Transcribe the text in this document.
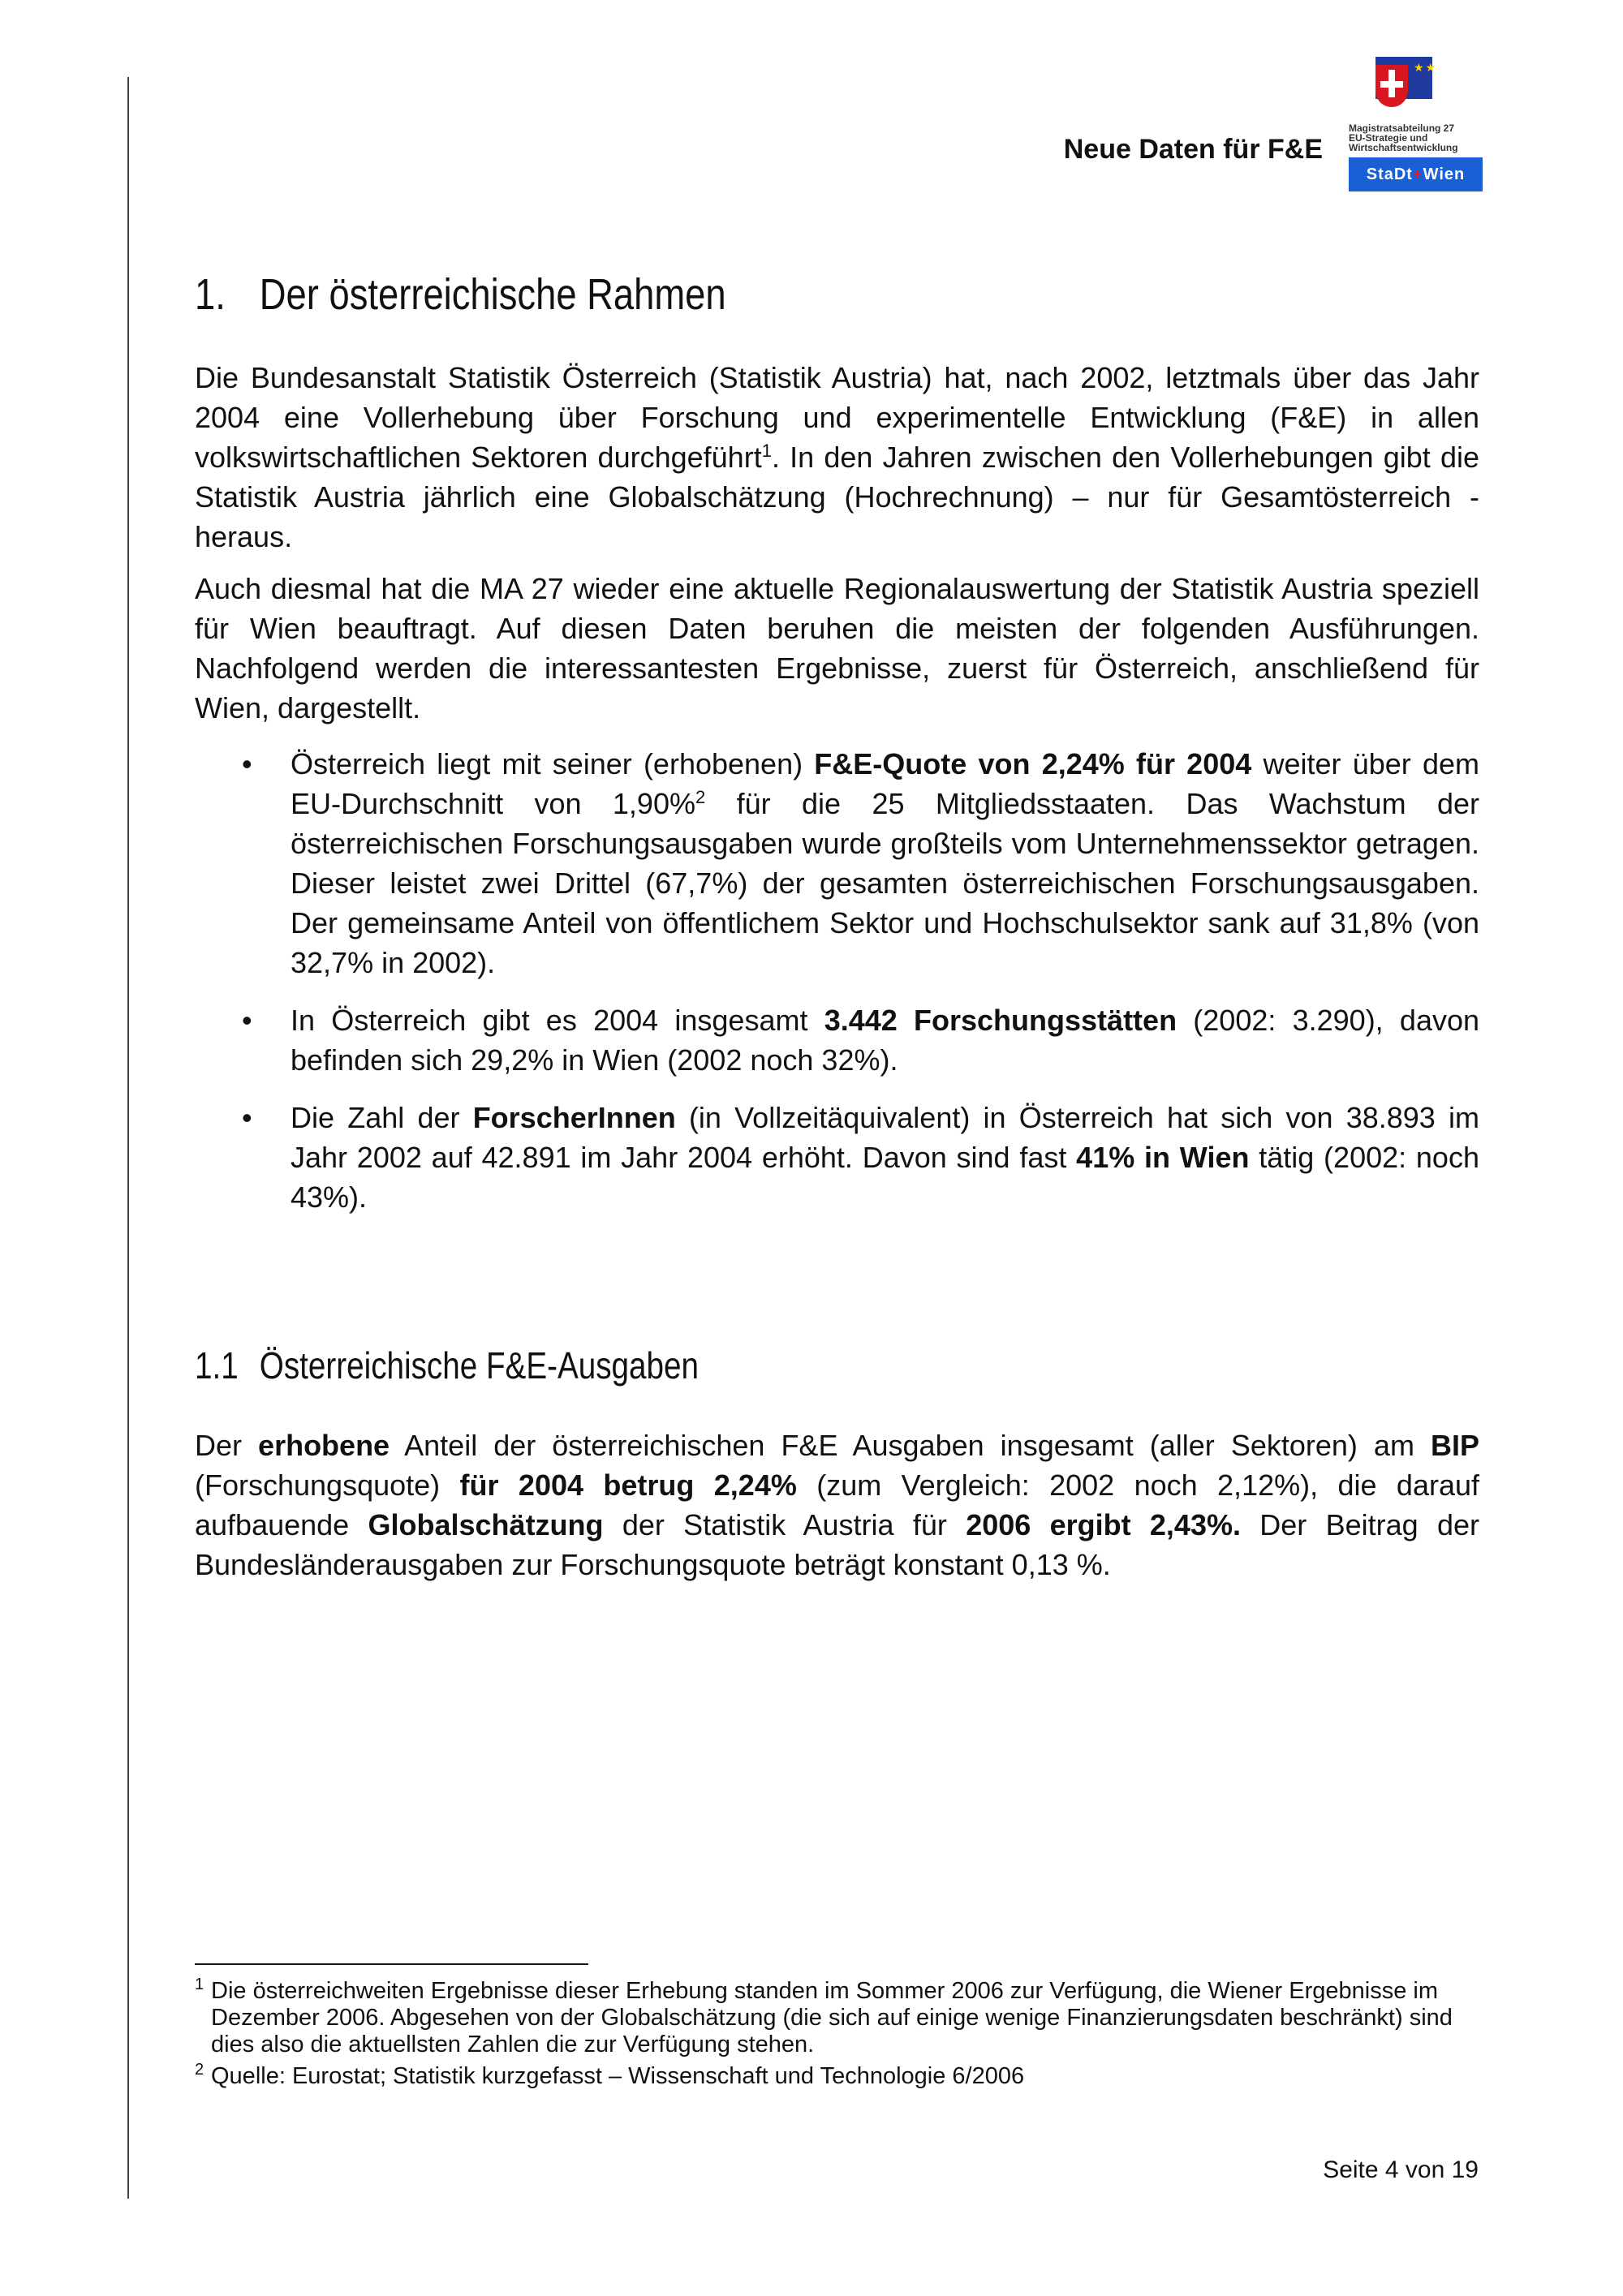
Neue Daten für F&E
★★
Magistratsabteilung 27
EU-Strategie und
Wirtschaftsentwicklung
StaDt+Wien
1. Der österreichische Rahmen

Die Bundesanstalt Statistik Österreich (Statistik Austria) hat, nach 2002, letztmals über das Jahr 2004 eine Vollerhebung über Forschung und experimentelle Entwicklung (F&E) in allen volkswirtschaftlichen Sektoren durchgeführt$^1$. In den Jahren zwischen den Vollerhebungen gibt die Statistik Austria jährlich eine Globalschätzung (Hochrechnung) – nur für Gesamtösterreich - heraus.

Auch diesmal hat die MA 27 wieder eine aktuelle Regionalauswertung der Statistik Austria speziell für Wien beauftragt. Auf diesen Daten beruhen die meisten der folgenden Ausführungen. Nachfolgend werden die interessantesten Ergebnisse, zuerst für Österreich, anschließend für Wien, dargestellt.

• Österreich liegt mit seiner (erhobenen) F&E-Quote von 2,24% für 2004 weiter über dem EU-Durchschnitt von 1,90%$^2$ für die 25 Mitgliedsstaaten. Das Wachstum der österreichischen Forschungsausgaben wurde großteils vom Unternehmenssektor getragen. Dieser leistet zwei Drittel (67,7%) der gesamten österreichischen Forschungsausgaben. Der gemeinsame Anteil von öffentlichem Sektor und Hochschulsektor sank auf 31,8% (von 32,7% in 2002).
• In Österreich gibt es 2004 insgesamt 3.442 Forschungsstätten (2002: 3.290), davon befinden sich 29,2% in Wien (2002 noch 32%).
• Die Zahl der ForscherInnen (in Vollzeitäquivalent) in Österreich hat sich von 38.893 im Jahr 2002 auf 42.891 im Jahr 2004 erhöht. Davon sind fast 41% in Wien tätig (2002: noch 43%).
1.1 Österreichische F&E-Ausgaben

Der erhobene Anteil der österreichischen F&E Ausgaben insgesamt (aller Sektoren) am BIP (Forschungsquote) für 2004 betrug 2,24% (zum Vergleich: 2002 noch 2,12%), die darauf aufbauende Globalschätzung der Statistik Austria für 2006 ergibt 2,43%. Der Beitrag der Bundesländerausgaben zur Forschungsquote beträgt konstant 0,13 %.

1 Die österreichweiten Ergebnisse dieser Erhebung standen im Sommer 2006 zur Verfügung, die Wiener Ergebnisse im Dezember 2006. Abgesehen von der Globalschätzung (die sich auf einige wenige Finanzierungsdaten beschränkt) sind dies also die aktuellsten Zahlen die zur Verfügung stehen.
2 Quelle: Eurostat; Statistik kurzgefasst – Wissenschaft und Technologie 6/2006
Seite 4 von 19
